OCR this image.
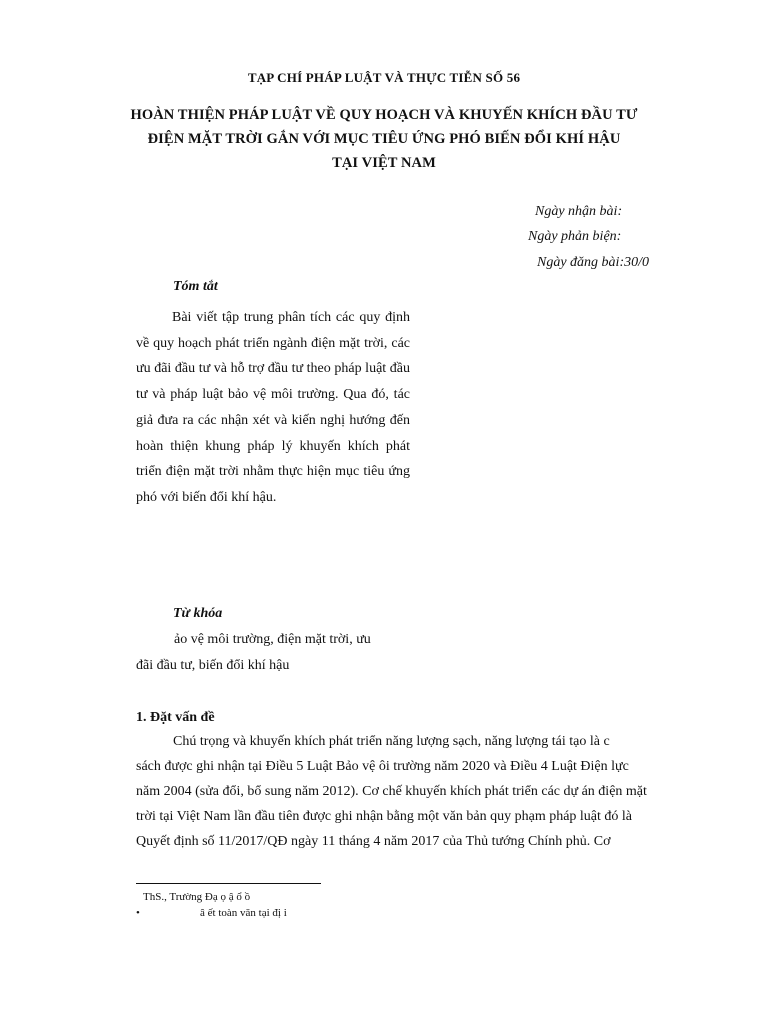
TẠP CHÍ PHÁP LUẬT VÀ THỰC TIỄN SỐ 56
HOÀN THIỆN PHÁP LUẬT VỀ QUY HOẠCH VÀ KHUYẾN KHÍCH ĐẦU TƯ
ĐIỆN MẶT TRỜI GẮN VỚI MỤC TIÊU ỨNG PHÓ BIẾN ĐỔI KHÍ HẬU
TẠI VIỆT NAM
Ngày nhận bài:
Ngày phản biện:
Ngày đăng bài:30/0
Tóm tắt
Bài viết tập trung phân tích các quy định về quy hoạch phát triển ngành điện mặt trời, các ưu đãi đầu tư và hỗ trợ đầu tư theo pháp luật đầu tư và pháp luật bảo vệ môi trường. Qua đó, tác giả đưa ra các nhận xét và kiến nghị hướng đến hoàn thiện khung pháp lý khuyến khích phát triển điện mặt trời nhằm thực hiện mục tiêu ứng phó với biến đổi khí hậu.
Từ khóa
ảo vệ môi trường, điện mặt trời, ưu
đãi đầu tư, biến đổi khí hậu
1. Đặt vấn đề
Chú trọng và khuyến khích phát triển năng lượng sạch, năng lượng tái tạo là c
sách được ghi nhận tại Điều 5 Luật Bảo vệ ôi trường năm 2020 và Điều 4 Luật Điện lực
năm 2004 (sửa đổi, bổ sung năm 2012). Cơ chế khuyến khích phát triển các dự án điện mặt
trời tại Việt Nam lần đầu tiên được ghi nhận bằng một văn bản quy phạm pháp luật đó là
Quyết định số 11/2017/QĐ ngày 11 tháng 4 năm 2017 của Thủ tướng Chính phủ. Cơ
ThS., Trường Đạ ọ ậ ổ ồ
•	â ết toàn văn tại đị i
